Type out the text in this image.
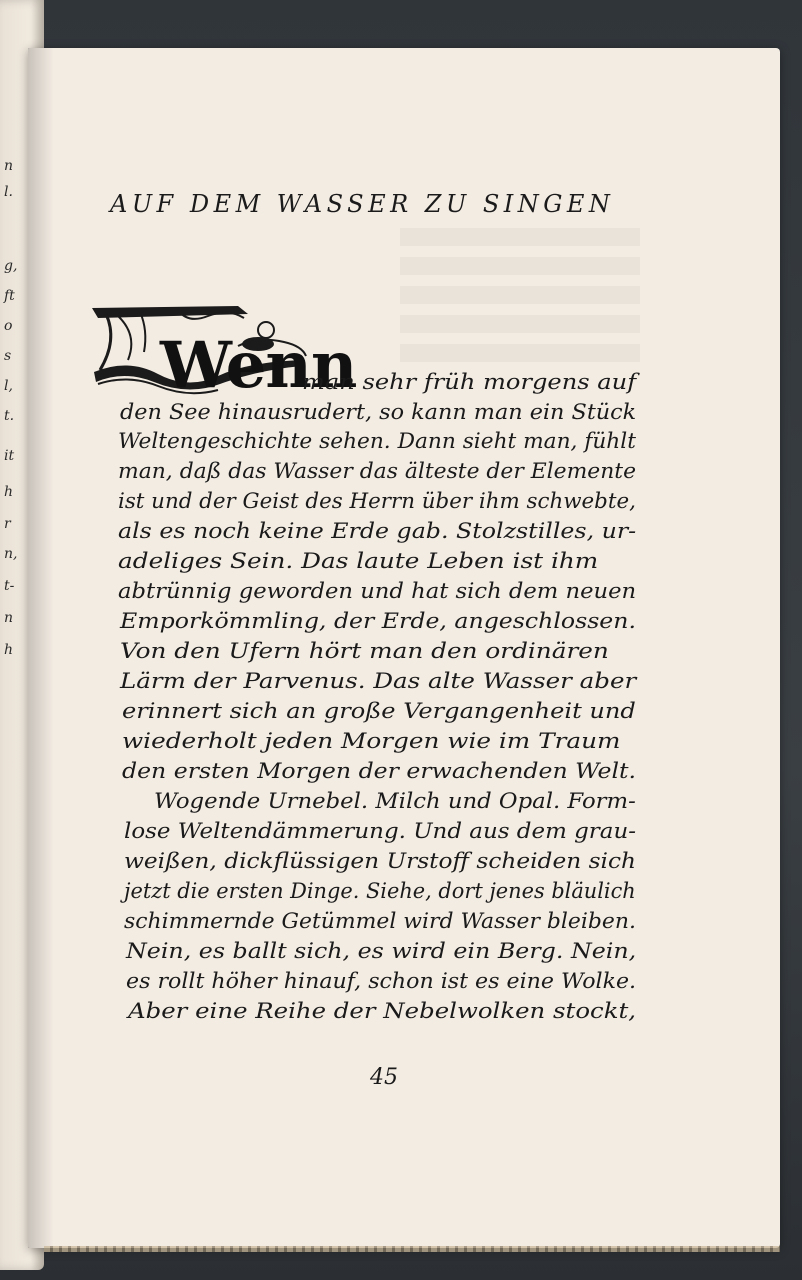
n
l.
g,
ft
o
s
l,
t.
it
h
r
n,
t-
n
h
AUF DEM WASSER ZU SINGEN
Wenn
man sehr früh morgens auf
den See hinausrudert, so kann man ein Stück
Weltengeschichte sehen. Dann sieht man, fühlt
man, daß das Wasser das älteste der Elemente
ist und der Geist des Herrn über ihm schwebte,
als es noch keine Erde gab. Stolzstilles, ur-
adeliges Sein. Das laute Leben ist ihm
abtrünnig geworden und hat sich dem neuen
Emporkömmling, der Erde, angeschlossen.
Von den Ufern hört man den ordinären
Lärm der Parvenus. Das alte Wasser aber
erinnert sich an große Vergangenheit und
wiederholt jeden Morgen wie im Traum
den ersten Morgen der erwachenden Welt.
Wogende Urnebel. Milch und Opal. Form-
lose Weltendämmerung. Und aus dem grau-
weißen, dickflüssigen Urstoff scheiden sich
jetzt die ersten Dinge. Siehe, dort jenes bläulich
schimmernde Getümmel wird Wasser bleiben.
Nein, es ballt sich, es wird ein Berg. Nein,
es rollt höher hinauf, schon ist es eine Wolke.
Aber eine Reihe der Nebelwolken stockt,
45
